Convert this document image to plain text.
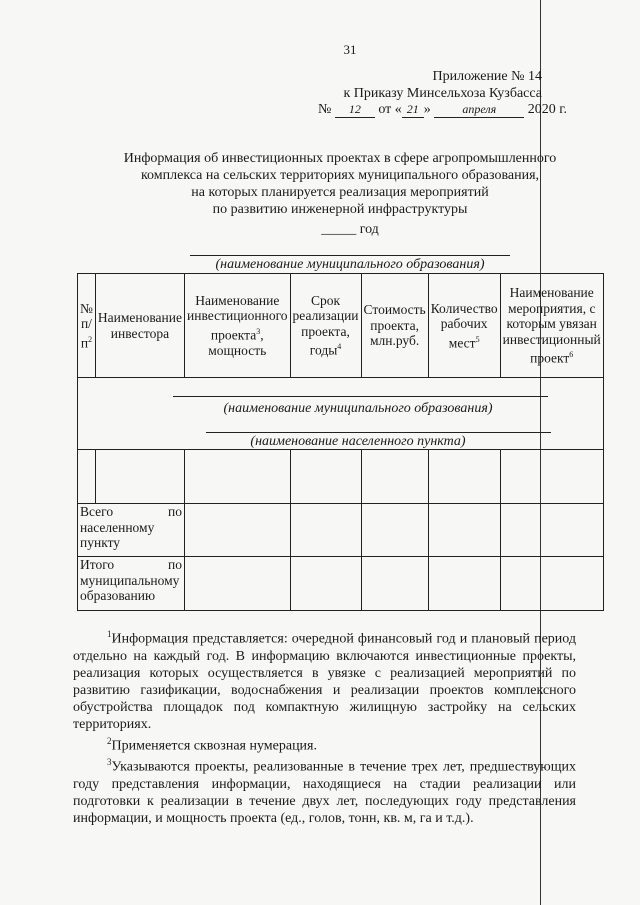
31
Приложение № 14
к Приказу Минсельхоза Кузбасса
№ 12 от « 21 »	апреля 2020 г.
Информация об инвестиционных проектах в сфере агропромышленного
комплекса на сельских территориях муниципального образования,
на которых планируется реализация мероприятий
по развитию инженерной инфраструктуры
_____ год
(наименование муниципального образования)
№ $п/п^2$	Наименование инвестора	Наименование инвестиционного проекта$^3$, мощность	Срок реализации проекта, годы$^4$	Стоимость проекта, млн.руб.	Количество рабочих мест$^5$	Наименование мероприятия, с которым увязан инвестиционный проект$^6$

(наименование муниципального образования)
(наименование населенного пункта)						

Всего по населенному пункту						
Итого по муниципальному образованию						

$^1$Информация представляется: очередной финансовый год и плановый период отдельно на каждый год. В информацию включаются инвестиционные проекты, реализация которых осуществляется в увязке с реализацией мероприятий по развитию газификации, водоснабжения и реализации проектов комплексного обустройства площадок под компактную жилищную застройку на сельских территориях.

$^2$Применяется сквозная нумерация.

$^3$Указываются проекты, реализованные в течение трех лет, предшествующих году представления информации, находящиеся на стадии реализации или подготовки к реализации в течение двух лет, последующих году представления информации, и мощность проекта (ед., голов, тонн, кв. м, га и т.д.).
